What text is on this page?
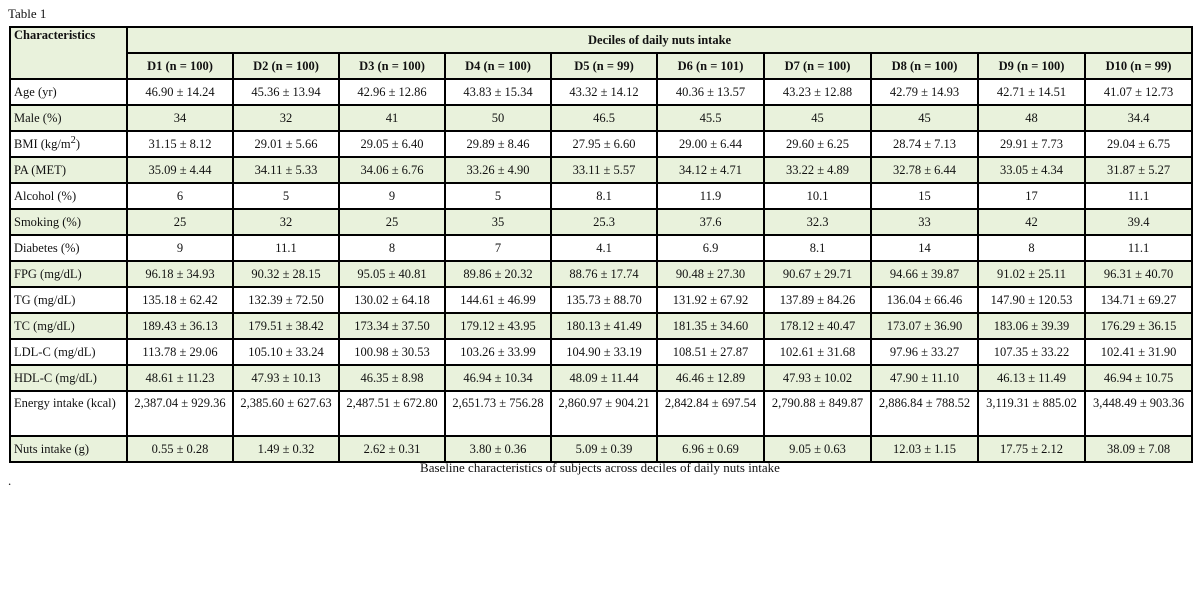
Table 1
Characteristics	Deciles of daily nuts intake									
	D1 (n = 100)	D2 (n = 100)	D3 (n = 100)	D4 (n = 100)	D5 (n = 99)	D6 (n = 101)	D7 (n = 100)	D8 (n = 100)	D9 (n = 100)	D10 (n = 99)
Age (yr)	46.90 ± 14.24	45.36 ± 13.94	42.96 ± 12.86	43.83 ± 15.34	43.32 ± 14.12	40.36 ± 13.57	43.23 ± 12.88	42.79 ± 14.93	42.71 ± 14.51	41.07 ± 12.73
Male (%)	34	32	41	50	46.5	45.5	45	45	48	34.4
BMI $(kg/m^2)$	31.15 ± 8.12	29.01 ± 5.66	29.05 ± 6.40	29.89 ± 8.46	27.95 ± 6.60	29.00 ± 6.44	29.60 ± 6.25	28.74 ± 7.13	29.91 ± 7.73	29.04 ± 6.75
PA (MET)	35.09 ± 4.44	34.11 ± 5.33	34.06 ± 6.76	33.26 ± 4.90	33.11 ± 5.57	34.12 ± 4.71	33.22 ± 4.89	32.78 ± 6.44	33.05 ± 4.34	31.87 ± 5.27
Alcohol (%)	6	5	9	5	8.1	11.9	10.1	15	17	11.1
Smoking (%)	25	32	25	35	25.3	37.6	32.3	33	42	39.4
Diabetes (%)	9	11.1	8	7	4.1	6.9	8.1	14	8	11.1
FPG (mg/dL)	96.18 ± 34.93	90.32 ± 28.15	95.05 ± 40.81	89.86 ± 20.32	88.76 ± 17.74	90.48 ± 27.30	90.67 ± 29.71	94.66 ± 39.87	91.02 ± 25.11	96.31 ± 40.70
TG (mg/dL)	135.18 ± 62.42	132.39 ± 72.50	130.02 ± 64.18	144.61 ± 46.99	135.73 ± 88.70	131.92 ± 67.92	137.89 ± 84.26	136.04 ± 66.46	147.90 ± 120.53	134.71 ± 69.27
TC (mg/dL)	189.43 ± 36.13	179.51 ± 38.42	173.34 ± 37.50	179.12 ± 43.95	180.13 ± 41.49	181.35 ± 34.60	178.12 ± 40.47	173.07 ± 36.90	183.06 ± 39.39	176.29 ± 36.15
LDL-C (mg/dL)	113.78 ± 29.06	105.10 ± 33.24	100.98 ± 30.53	103.26 ± 33.99	104.90 ± 33.19	108.51 ± 27.87	102.61 ± 31.68	97.96 ± 33.27	107.35 ± 33.22	102.41 ± 31.90
HDL-C (mg/dL)	48.61 ± 11.23	47.93 ± 10.13	46.35 ± 8.98	46.94 ± 10.34	48.09 ± 11.44	46.46 ± 12.89	47.93 ± 10.02	47.90 ± 11.10	46.13 ± 11.49	46.94 ± 10.75
Energy intake (kcal)	2,387.04 ± 929.36	2,385.60 ± 627.63	2,487.51 ± 672.80	2,651.73 ± 756.28	2,860.97 ± 904.21	2,842.84 ± 697.54	2,790.88 ± 849.87	2,886.84 ± 788.52	3,119.31 ± 885.02	3,448.49 ± 903.36
Nuts intake (g)	0.55 ± 0.28	1.49 ± 0.32	2.62 ± 0.31	3.80 ± 0.36	5.09 ± 0.39	6.96 ± 0.69	9.05 ± 0.63	12.03 ± 1.15	17.75 ± 2.12	38.09 ± 7.08
Baseline characteristics of subjects across deciles of daily nuts intake
.
